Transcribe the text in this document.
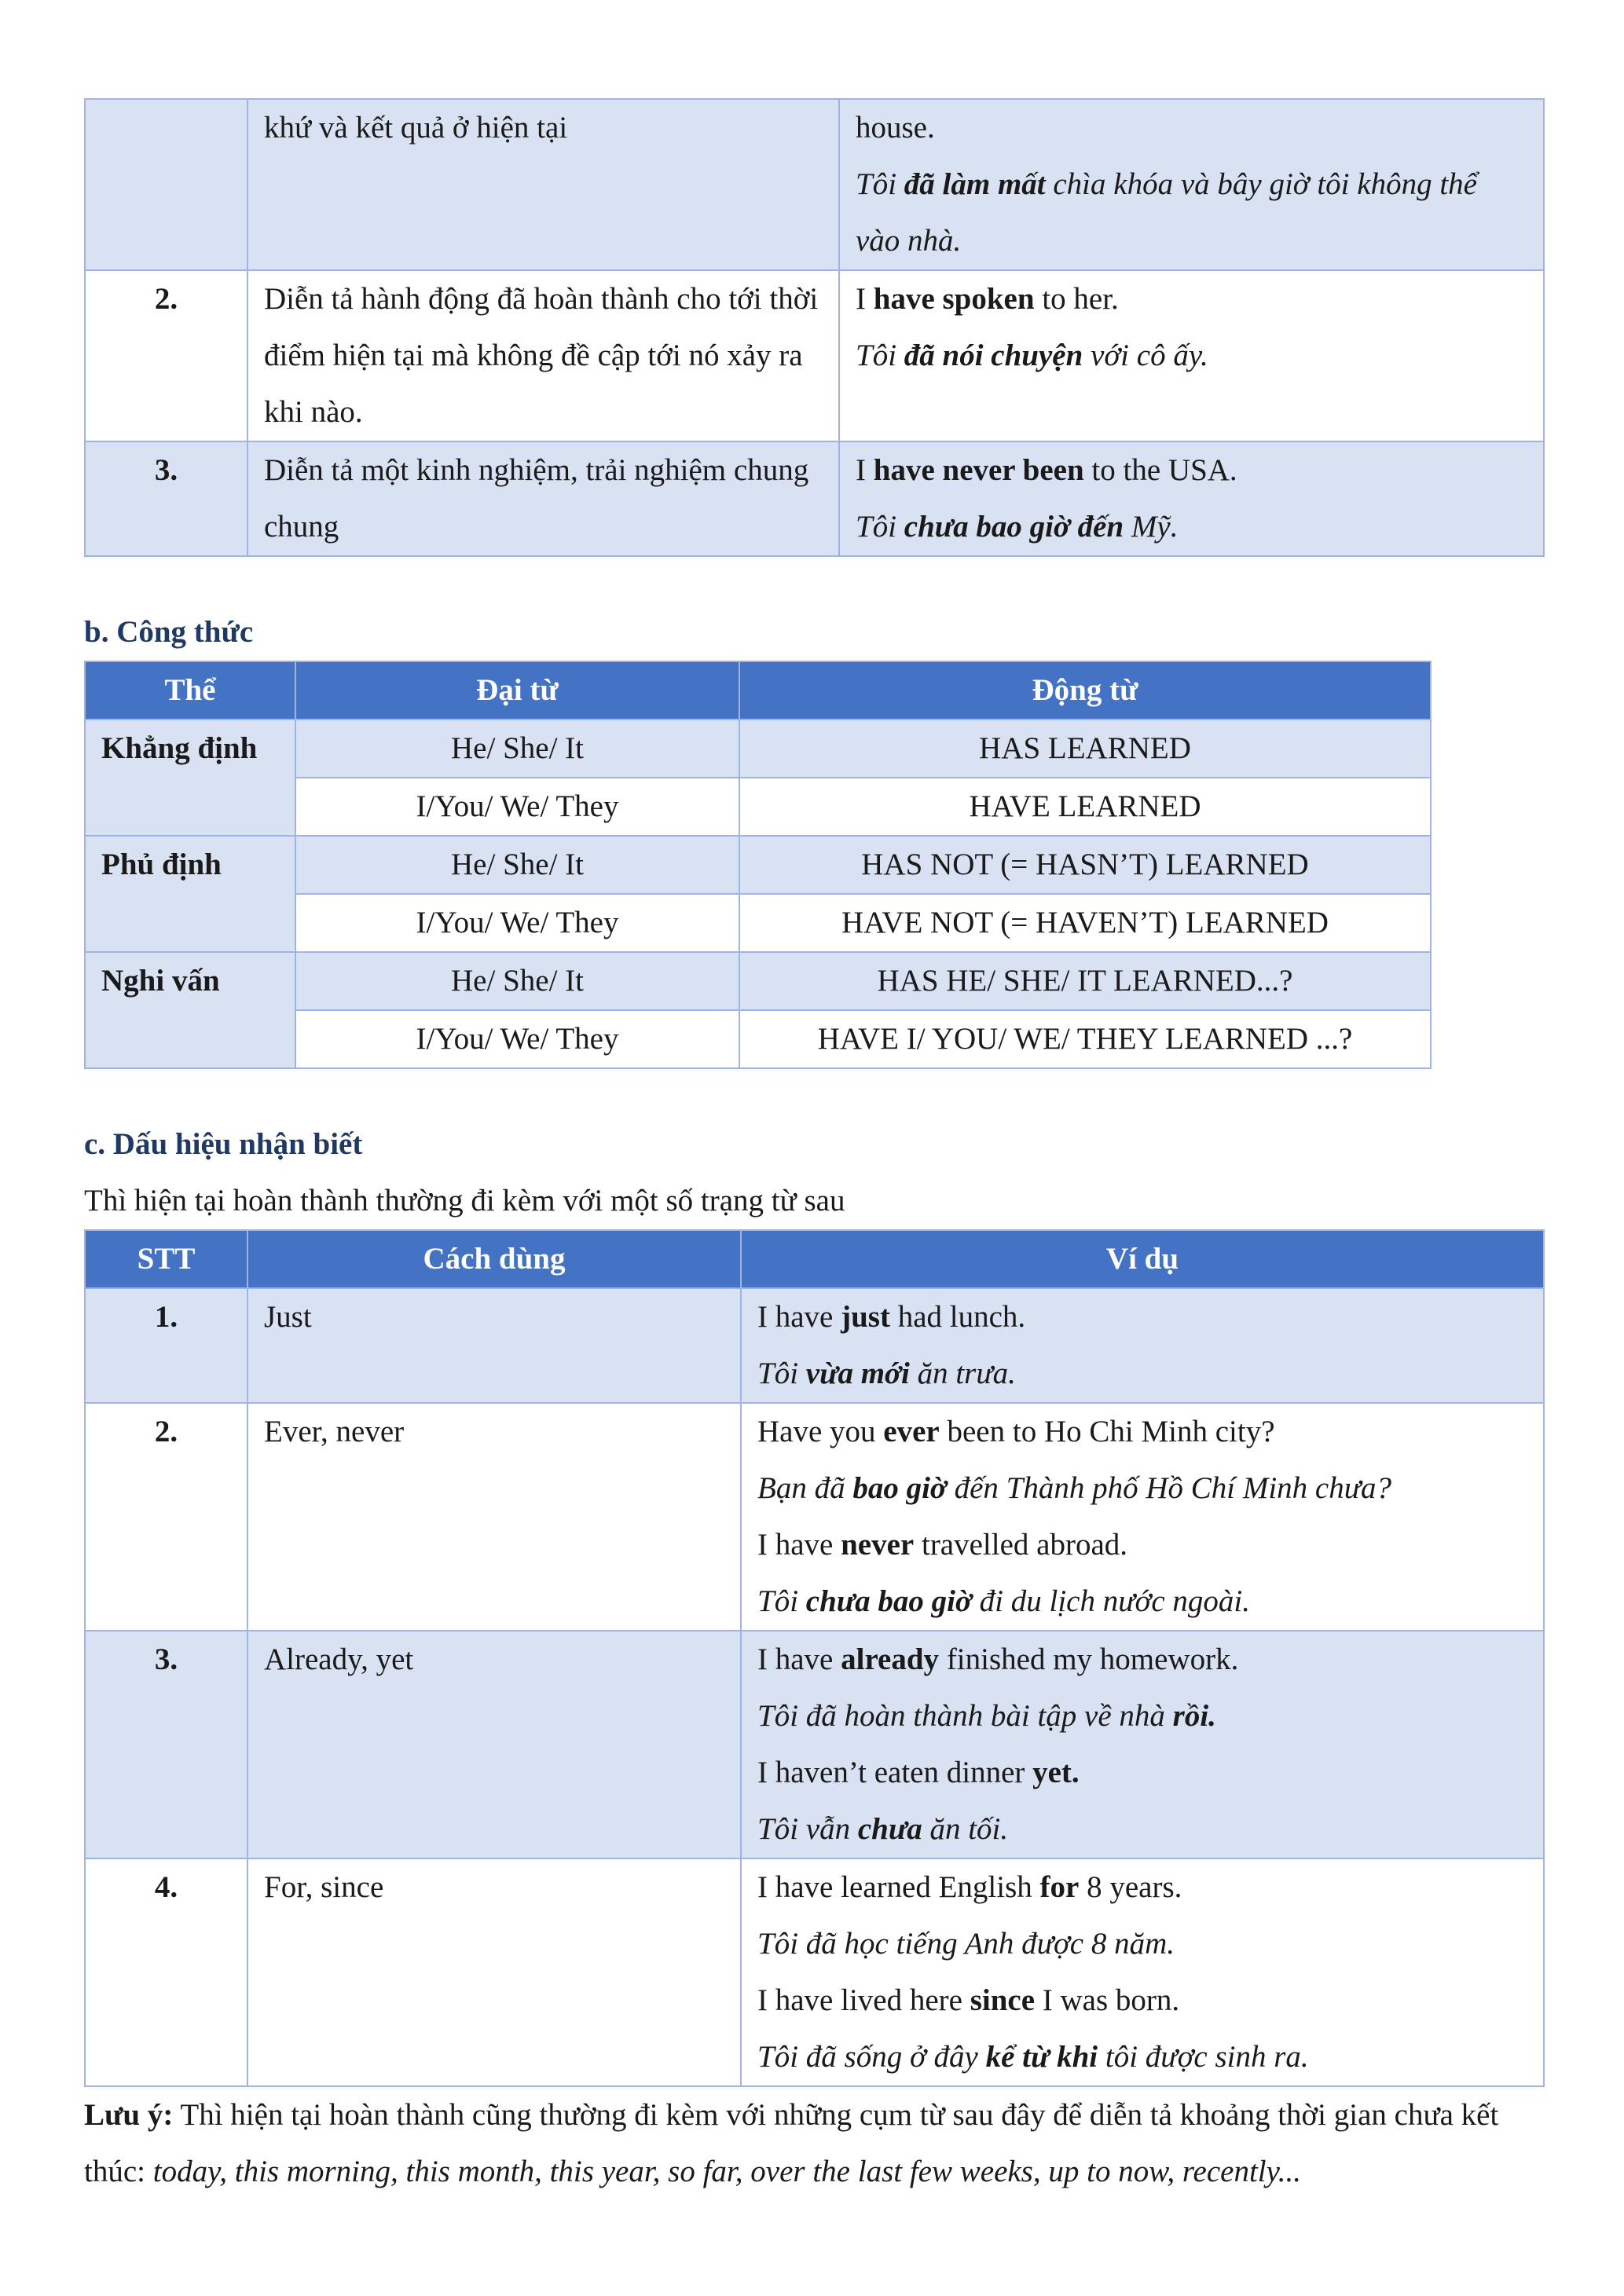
	khứ và kết quả ở hiện tại	house.
Tôi đã làm mất chìa khóa và bây giờ tôi không thể
vào nhà.

2.	Diễn tả hành động đã hoàn thành cho tới thời điểm hiện tại mà không đề cập tới nó xảy ra khi nào.	I have spoken to her.
Tôi đã nói chuyện với cô ấy.

3.	Diễn tả một kinh nghiệm, trải nghiệm chung chung	I have never been to the USA.
Tôi chưa bao giờ đến Mỹ.

b. Công thức

Thể	Đại từ	Động từ
Khẳng định	He/ She/ It	HAS LEARNED
	I/You/ We/ They	HAVE LEARNED
Phủ định	He/ She/ It	HAS NOT (= HASN’T) LEARNED
	I/You/ We/ They	HAVE NOT (= HAVEN’T) LEARNED
Nghi vấn	He/ She/ It	HAS HE/ SHE/ IT LEARNED...?
	I/You/ We/ They	HAVE I/ YOU/ WE/ THEY LEARNED ...?

c. Dấu hiệu nhận biết

Thì hiện tại hoàn thành thường đi kèm với một số trạng từ sau

STT	Cách dùng	Ví dụ
1.	Just	I have just had lunch.
Tôi vừa mới ăn trưa.

2.	Ever, never	Have you ever been to Ho Chi Minh city?
Bạn đã bao giờ đến Thành phố Hồ Chí Minh chưa?
I have never travelled abroad.
Tôi chưa bao giờ đi du lịch nước ngoài.

3.	Already, yet	I have already finished my homework.
Tôi đã hoàn thành bài tập về nhà rồi.
I haven’t eaten dinner yet.
Tôi vẫn chưa ăn tối.

4.	For, since	I have learned English for 8 years.
Tôi đã học tiếng Anh được 8 năm.
I have lived here since I was born.
Tôi đã sống ở đây kể từ khi tôi được sinh ra.

Lưu ý: Thì hiện tại hoàn thành cũng thường đi kèm với những cụm từ sau đây để diễn tả khoảng thời gian chưa kết thúc: today, this morning, this month, this year, so far, over the last few weeks, up to now, recently...
